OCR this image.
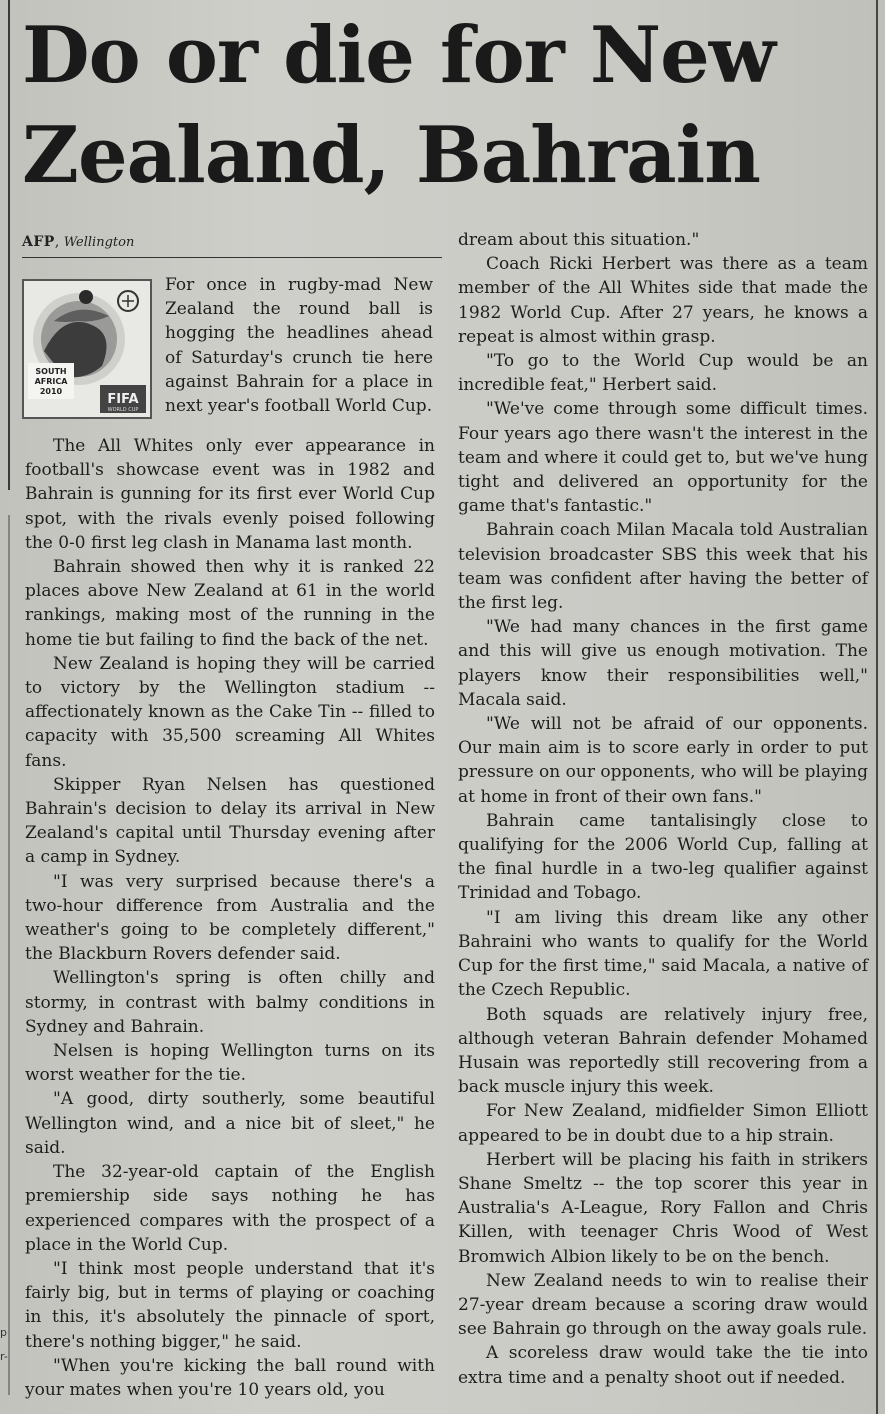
p
r-
Do or die for New
Zealand, Bahrain
AFP, Wellington
SOUTH
AFRICA
2010
FIFA
WORLD CUP

For once in rugby-mad New Zealand the round ball is hogging the headlines ahead of Saturday's crunch tie here against Bahrain for a place in next year's football World Cup.

The All Whites only ever appearance in football's showcase event was in 1982 and Bahrain is gunning for its first ever World Cup spot, with the rivals evenly poised following the 0-0 first leg clash in Manama last month.

Bahrain showed then why it is ranked 22 places above New Zealand at 61 in the world rankings, making most of the running in the home tie but failing to find the back of the net.

New Zealand is hoping they will be carried to victory by the Wellington stadium -- affectionately known as the Cake Tin -- filled to capacity with 35,500 screaming All Whites fans.

Skipper Ryan Nelsen has questioned Bahrain's decision to delay its arrival in New Zealand's capital until Thursday evening after a camp in Sydney.

"I was very surprised because there's a two-hour difference from Australia and the weather's going to be completely different," the Blackburn Rovers defender said.

Wellington's spring is often chilly and stormy, in contrast with balmy conditions in Sydney and Bahrain.

Nelsen is hoping Wellington turns on its worst weather for the tie.

"A good, dirty southerly, some beautiful Wellington wind, and a nice bit of sleet," he said.

The 32-year-old captain of the English premiership side says nothing he has experienced compares with the prospect of a place in the World Cup.

"I think most people understand that it's fairly big, but in terms of playing or coaching in this, it's absolutely the pinnacle of sport, there's nothing bigger," he said.

"When you're kicking the ball round with your mates when you're 10 years old, you

dream about this situation."

Coach Ricki Herbert was there as a team member of the All Whites side that made the 1982 World Cup. After 27 years, he knows a repeat is almost within grasp.

"To go to the World Cup would be an incredible feat," Herbert said.

"We've come through some difficult times. Four years ago there wasn't the interest in the team and where it could get to, but we've hung tight and delivered an opportunity for the game that's fantastic."

Bahrain coach Milan Macala told Australian television broadcaster SBS this week that his team was confident after having the better of the first leg.

"We had many chances in the first game and this will give us enough motivation. The players know their responsibilities well," Macala said.

"We will not be afraid of our opponents. Our main aim is to score early in order to put pressure on our opponents, who will be playing at home in front of their own fans."

Bahrain came tantalisingly close to qualifying for the 2006 World Cup, falling at the final hurdle in a two-leg qualifier against Trinidad and Tobago.

"I am living this dream like any other Bahraini who wants to qualify for the World Cup for the first time," said Macala, a native of the Czech Republic.

Both squads are relatively injury free, although veteran Bahrain defender Mohamed Husain was reportedly still recovering from a back muscle injury this week.

For New Zealand, midfielder Simon Elliott appeared to be in doubt due to a hip strain.

Herbert will be placing his faith in strikers Shane Smeltz -- the top scorer this year in Australia's A-League, Rory Fallon and Chris Killen, with teenager Chris Wood of West Bromwich Albion likely to be on the bench.

New Zealand needs to win to realise their 27-year dream because a scoring draw would see Bahrain go through on the away goals rule.

A scoreless draw would take the tie into extra time and a penalty shoot out if needed.
